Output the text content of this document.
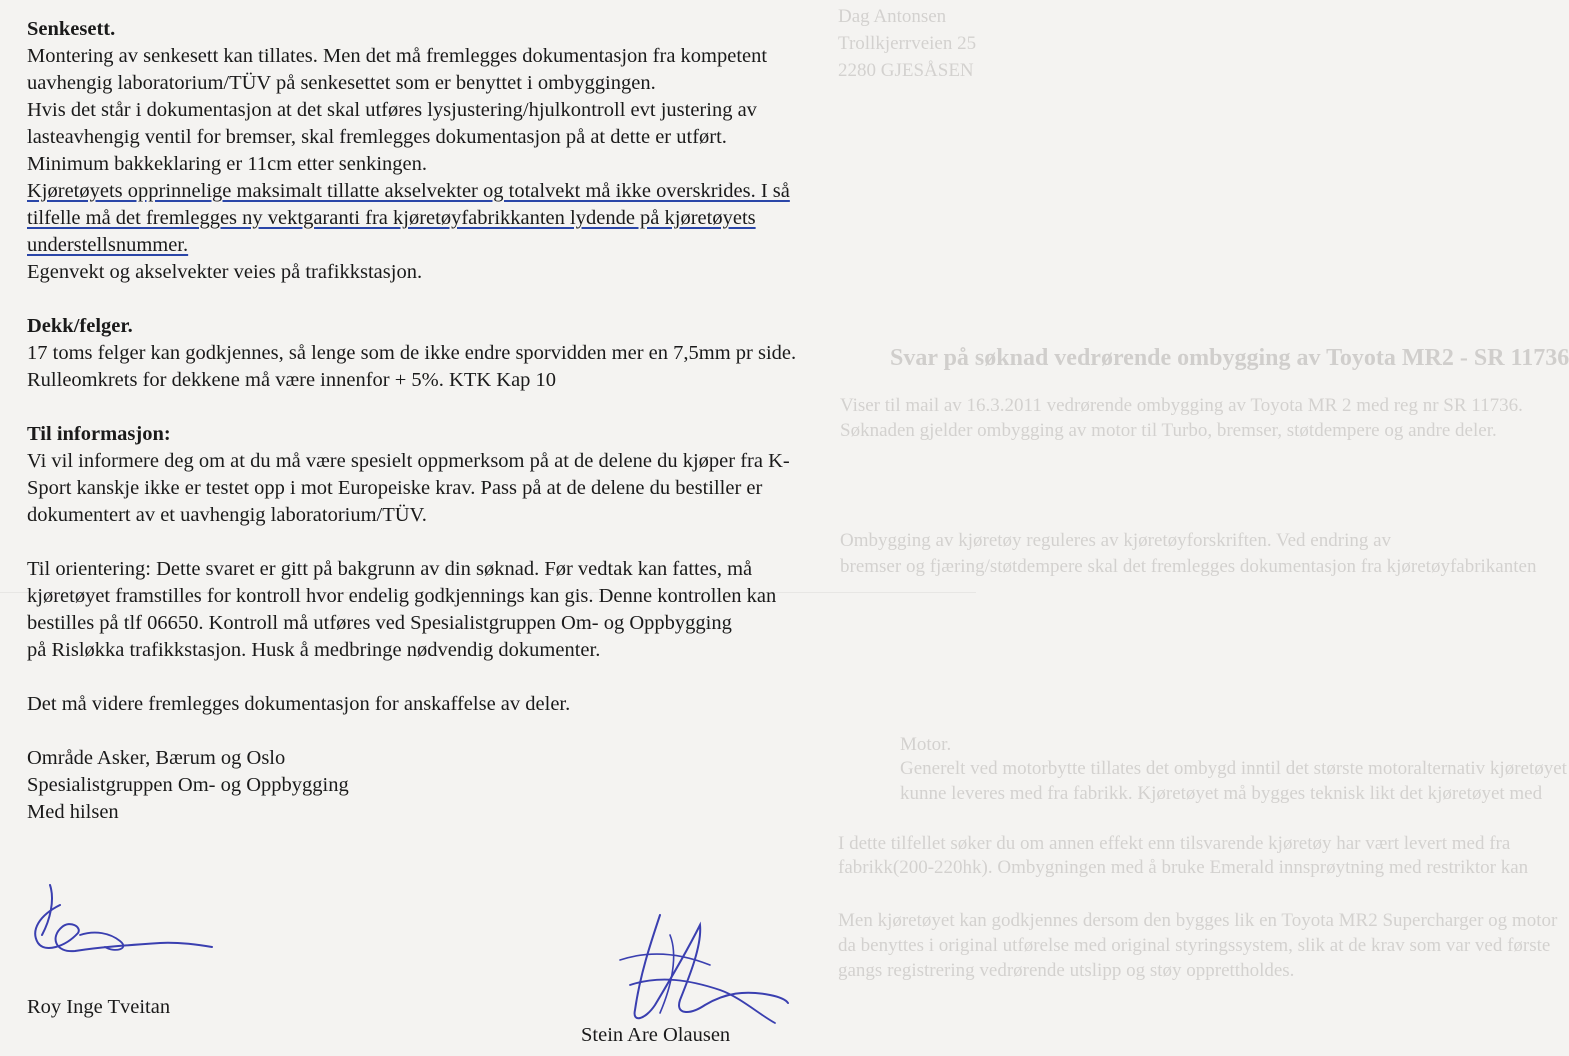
Dag Antonsen
Trollkjerrveien 25
2280 GJESÅSEN
Svar på søknad vedrørende ombygging av Toyota MR2 - SR 11736
Viser til mail av 16.3.2011 vedrørende ombygging av Toyota MR 2 med reg nr SR 11736.
Søknaden gjelder ombygging av motor til Turbo, bremser, støtdempere og andre deler.
Ombygging av kjøretøy reguleres av kjøretøyforskriften. Ved endring av
bremser og fjæring/støtdempere skal det fremlegges dokumentasjon fra kjøretøyfabrikanten
Motor.
Generelt ved motorbytte tillates det ombygd inntil det største motoralternativ kjøretøyet
kunne leveres med fra fabrikk. Kjøretøyet må bygges teknisk likt det kjøretøyet med
I dette tilfellet søker du om annen effekt enn tilsvarende kjøretøy har vært levert med fra
fabrikk(200-220hk). Ombygningen med å bruke Emerald innsprøytning med restriktor kan
Men kjøretøyet kan godkjennes dersom den bygges lik en Toyota MR2 Supercharger og motor
da benyttes i original utførelse med original styringssystem, slik at de krav som var ved første
gangs registrering vedrørende utslipp og støy opprettholdes.

Senkesett.

Montering av senkesett kan tillates. Men det må fremlegges dokumentasjon fra kompetent

uavhengig laboratorium/TÜV på senkesettet som er benyttet i ombyggingen.

Hvis det står i dokumentasjon at det skal utføres lysjustering/hjulkontroll evt justering av

lasteavhengig ventil for bremser, skal fremlegges dokumentasjon på at dette er utført.

Minimum bakkeklaring er 11cm etter senkingen.

Kjøretøyets opprinnelige maksimalt tillatte akselvekter og totalvekt må ikke overskrides. I så

tilfelle må det fremlegges ny vektgaranti fra kjøretøyfabrikkanten lydende på kjøretøyets

understellsnummer.

Egenvekt og akselvekter veies på trafikkstasjon.

Dekk/felger.

17 toms felger kan godkjennes, så lenge som de ikke endre sporvidden mer en 7,5mm pr side.

Rulleomkrets for dekkene må være innenfor + 5%. KTK Kap 10

Til informasjon:

Vi vil informere deg om at du må være spesielt oppmerksom på at de delene du kjøper fra K-

Sport kanskje ikke er testet opp i mot Europeiske krav. Pass på at de delene du bestiller er

dokumentert av et uavhengig laboratorium/TÜV.

Til orientering: Dette svaret er gitt på bakgrunn av din søknad. Før vedtak kan fattes, må

kjøretøyet framstilles for kontroll hvor endelig godkjennings kan gis. Denne kontrollen kan

bestilles på tlf 06650. Kontroll må utføres ved Spesialistgruppen Om- og Oppbygging

på Risløkka trafikkstasjon. Husk å medbringe nødvendig dokumenter.

Det må videre fremlegges dokumentasjon for anskaffelse av deler.

Område Asker, Bærum og Oslo

Spesialistgruppen Om- og Oppbygging

Med hilsen

Roy Inge Tveitan
Stein Are Olausen
